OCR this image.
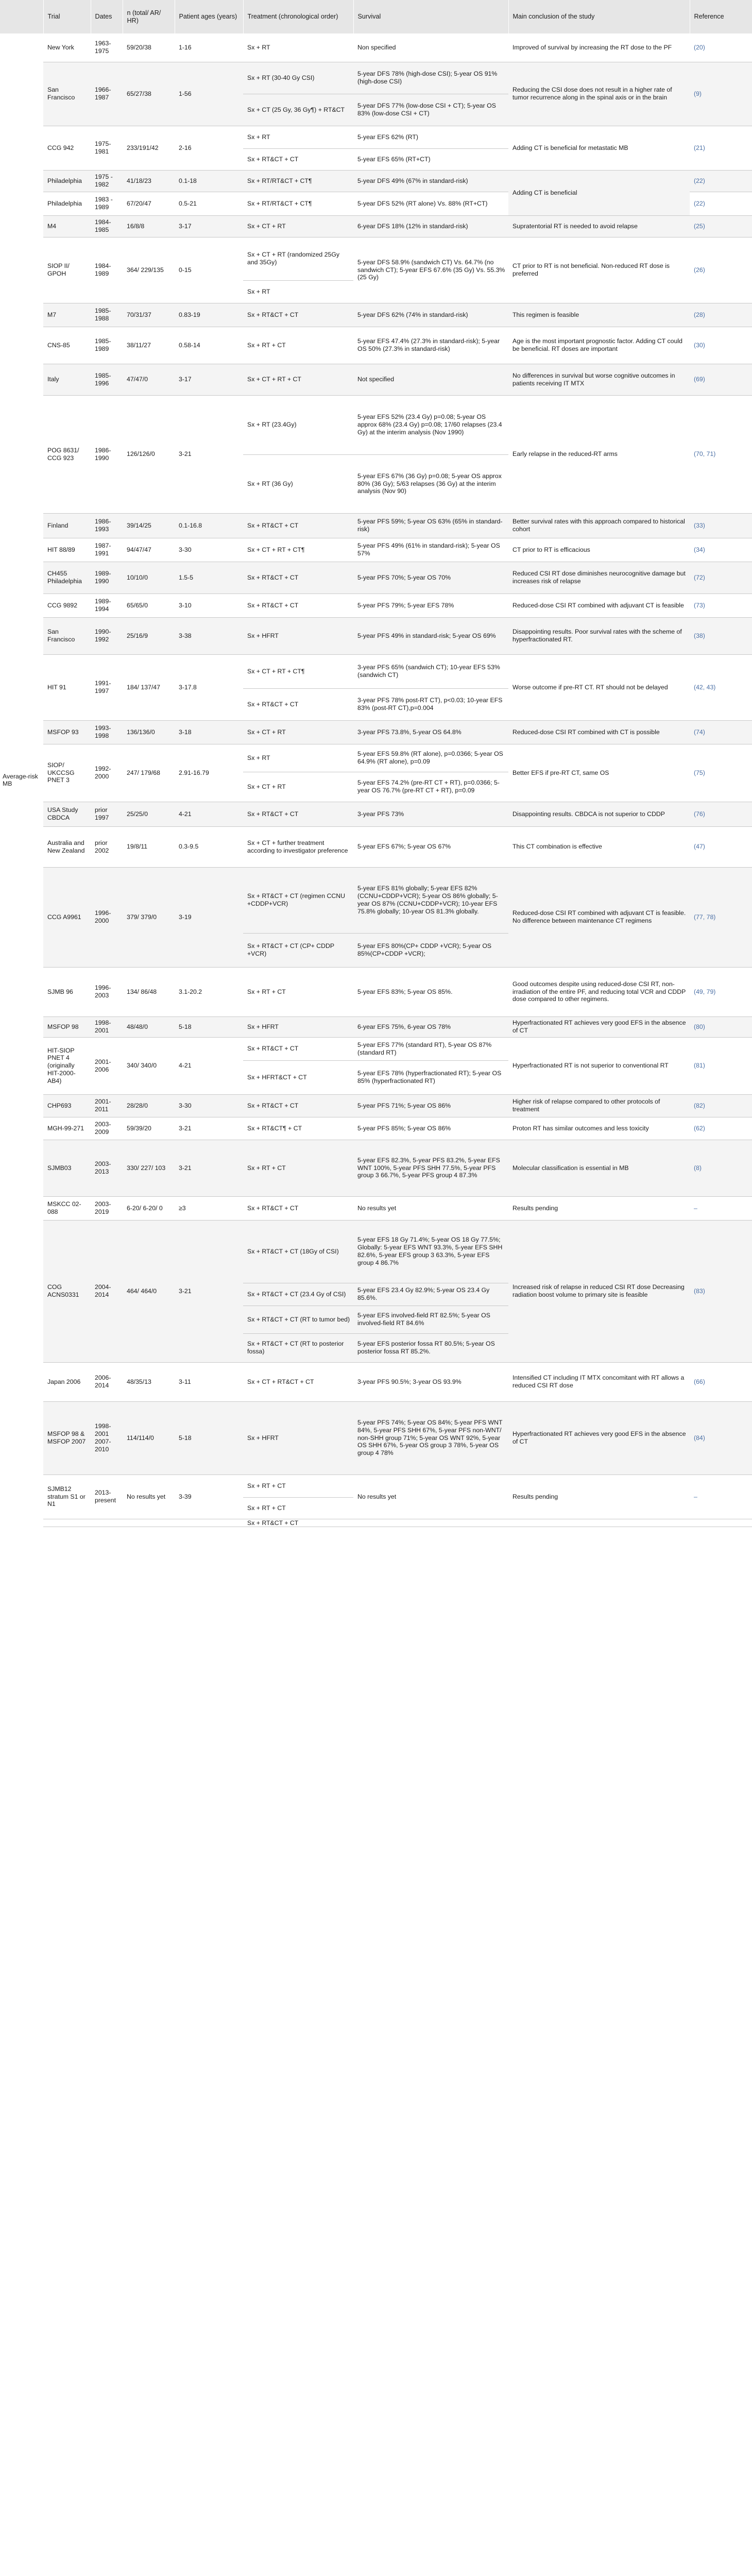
	Trial	Dates	n (total/ AR/ HR)	Patient ages (years)	Treatment (chronological order)	Survival	Main conclusion of the study	Reference
Average-risk MB	New York	1963-1975	59/20/38	1-16	Sx + RT	Non specified	Improved of survival by increasing the RT dose to the PF	(20)
	San Francisco	1966-1987	65/27/38	1-56	Sx + RT (30-40 Gy CSI)	5-year DFS 78% (high-dose CSI); 5-year OS 91% (high-dose CSI)	Reducing the CSI dose does not result in a higher rate of tumor recurrence along in the spinal axis or in the brain	(9)
					Sx + CT (25 Gy, 36 Gy¶) + RT&CT	5-year DFS 77% (low-dose CSI + CT); 5-year OS 83% (low-dose CSI + CT)		
	CCG 942	1975-1981	233/191/42	2-16	Sx + RT	5-year EFS 62% (RT)	Adding CT is beneficial for metastatic MB	(21)
					Sx + RT&CT + CT	5-year EFS 65% (RT+CT)		
	Philadelphia	1975 - 1982	41/18/23	0.1-18	Sx + RT/RT&CT + CT¶	5-year DFS 49% (67% in standard-risk)	Adding CT is beneficial	(22)
	Philadelphia	1983 - 1989	67/20/47	0.5-21	Sx + RT/RT&CT + CT¶	5-year DFS 52% (RT alone) Vs. 88% (RT+CT)		(22)
	M4	1984-1985	16/8/8	3-17	Sx + CT + RT	6-year DFS 18% (12% in standard-risk)	Supratentorial RT is needed to avoid relapse	(25)
	SIOP II/ GPOH	1984-1989	364/ 229/135	0-15	Sx + CT + RT (randomized 25Gy and 35Gy)	5-year DFS 58.9% (sandwich CT) Vs. 64.7% (no sandwich CT); 5-year EFS 67.6% (35 Gy) Vs. 55.3% (25 Gy)	CT prior to RT is not beneficial. Non-reduced RT dose is preferred	(26)
					Sx + RT			
	M7	1985-1988	70/31/37	0.83-19	Sx + RT&CT + CT	5-year DFS 62% (74% in standard-risk)	This regimen is feasible	(28)
	CNS-85	1985-1989	38/11/27	0.58-14	Sx + RT + CT	5-year EFS 47.4% (27.3% in standard-risk); 5-year OS 50% (27.3% in standard-risk)	Age is the most important prognostic factor. Adding CT could be beneficial. RT doses are important	(30)
	Italy	1985-1996	47/47/0	3-17	Sx + CT + RT + CT	Not specified	No differences in survival but worse cognitive outcomes in patients receiving IT MTX	(69)
	POG 8631/ CCG 923	1986-1990	126/126/0	3-21	Sx + RT (23.4Gy)	5-year EFS 52% (23.4 Gy) p=0.08; 5-year OS approx 68% (23.4 Gy) p=0.08; 17/60 relapses (23.4 Gy) at the interim analysis (Nov 1990)	Early relapse in the reduced-RT arms	(70, 71)
					Sx + RT (36 Gy)	5-year EFS 67% (36 Gy) p=0.08; 5-year OS approx 80% (36 Gy); 5/63 relapses (36 Gy) at the interim analysis (Nov 90)		
	Finland	1986-1993	39/14/25	0.1-16.8	Sx + RT&CT + CT	5-year PFS 59%; 5-year OS 63% (65% in standard-risk)	Better survival rates with this approach compared to historical cohort	(33)
	HIT 88/89	1987-1991	94/47/47	3-30	Sx + CT + RT + CT¶	5-year PFS 49% (61% in standard-risk); 5-year OS 57%	CT prior to RT is efficacious	(34)
	CH455 Philadelphia	1989-1990	10/10/0	1.5-5	Sx + RT&CT + CT	5-year PFS 70%; 5-year OS 70%	Reduced CSI RT dose diminishes neurocognitive damage but increases risk of relapse	(72)
	CCG 9892	1989-1994	65/65/0	3-10	Sx + RT&CT + CT	5-year PFS 79%; 5-year EFS 78%	Reduced-dose CSI RT combined with adjuvant CT is feasible	(73)
	San Francisco	1990-1992	25/16/9	3-38	Sx + HFRT	5-year PFS 49% in standard-risk; 5-year OS 69%	Disappointing results. Poor survival rates with the scheme of hyperfractionated RT.	(38)
	HIT 91	1991-1997	184/ 137/47	3-17.8	Sx + CT + RT + CT¶	3-year PFS 65% (sandwich CT); 10-year EFS 53% (sandwich CT)	Worse outcome if pre-RT CT. RT should not be delayed	(42, 43)
					Sx + RT&CT + CT	3-year PFS 78% post-RT CT), p<0.03; 10-year EFS 83% (post-RT CT),p=0.004		
	MSFOP 93	1993-1998	136/136/0	3-18	Sx + CT + RT	3-year PFS 73.8%, 5-year OS 64.8%	Reduced-dose CSI RT combined with CT is possible	(74)
	SIOP/ UKCCSG PNET 3	1992-2000	247/ 179/68	2.91-16.79	Sx + RT	5-year EFS 59.8% (RT alone), p=0.0366; 5-year OS 64.9% (RT alone), p=0.09	Better EFS if pre-RT CT, same OS	(75)
					Sx + CT + RT	5-year EFS 74.2% (pre-RT CT + RT), p=0.0366; 5-year OS 76.7% (pre-RT CT + RT), p=0.09		
	USA Study CBDCA	prior 1997	25/25/0	4-21	Sx + RT&CT + CT	3-year PFS 73%	Disappointing results. CBDCA is not superior to CDDP	(76)
	Australia and New Zealand	prior 2002	19/8/11	0.3-9.5	Sx + CT + further treatment according to investigator preference	5-year EFS 67%; 5-year OS 67%	This CT combination is effective	(47)
	CCG A9961	1996-2000	379/ 379/0	3-19	Sx + RT&CT + CT (regimen CCNU +CDDP+VCR)	5-year EFS 81% globally; 5-year EFS 82% (CCNU+CDDP+VCR); 5-year OS 86% globally; 5-year OS 87% (CCNU+CDDP+VCR); 10-year EFS 75.8% globally; 10-year OS 81.3% globally.	Reduced-dose CSI RT combined with adjuvant CT is feasible. No difference between maintenance CT regimens	(77, 78)
					Sx + RT&CT + CT (CP+ CDDP +VCR)	5-year EFS 80%(CP+ CDDP +VCR); 5-year OS 85%(CP+CDDP +VCR);		
	SJMB 96	1996-2003	134/ 86/48	3.1-20.2	Sx + RT + CT	5-year EFS 83%; 5-year OS 85%.	Good outcomes despite using reduced-dose CSI RT, non-irradiation of the entire PF, and reducing total VCR and CDDP dose compared to other regimens.	(49, 79)
	MSFOP 98	1998-2001	48/48/0	5-18	Sx + HFRT	6-year EFS 75%, 6-year OS 78%	Hyperfractionated RT achieves very good EFS in the absence of CT	(80)
	HIT-SIOP PNET 4 (originally HIT-2000-AB4)	2001-2006	340/ 340/0	4-21	Sx + RT&CT + CT	5-year EFS 77% (standard RT), 5-year OS 87% (standard RT)	Hyperfractionated RT is not superior to conventional RT	(81)
					Sx + HFRT&CT + CT	5-year EFS 78% (hyperfractionated RT); 5-year OS 85% (hyperfractionated RT)		
	CHP693	2001-2011	28/28/0	3-30	Sx + RT&CT + CT	5-year PFS 71%; 5-year OS 86%	Higher risk of relapse compared to other protocols of treatment	(82)
	MGH-99-271	2003-2009	59/39/20	3-21	Sx + RT&CT¶ + CT	5-year PFS 85%; 5-year OS 86%	Proton RT has similar outcomes and less toxicity	(62)
	SJMB03	2003-2013	330/ 227/ 103	3-21	Sx + RT + CT	5-year EFS 82.3%, 5-year PFS 83.2%, 5-year EFS WNT 100%, 5-year PFS SHH 77.5%, 5-year PFS group 3 66.7%, 5-year PFS group 4 87.3%	Molecular classification is essential in MB	(8)
	MSKCC 02-088	2003-2019	6-20/ 6-20/ 0	≥3	Sx + RT&CT + CT	No results yet	Results pending	–
	COG ACNS0331	2004-2014	464/ 464/0	3-21	Sx + RT&CT + CT (18Gy of CSI)	5-year EFS 18 Gy 71.4%; 5-year OS 18 Gy 77.5%; Globally: 5-year EFS WNT 93.3%, 5-year EFS SHH 82.6%, 5-year EFS group 3 63.3%, 5-year EFS group 4 86.7%	Increased risk of relapse in reduced CSI RT dose Decreasing radiation boost volume to primary site is feasible	(83)
					Sx + RT&CT + CT (23.4 Gy of CSI)	5-year EFS 23.4 Gy 82.9%; 5-year OS 23.4 Gy 85.6%.		
					Sx + RT&CT + CT (RT to tumor bed)	5-year EFS involved-field RT 82.5%; 5-year OS involved-field RT 84.6%		
					Sx + RT&CT + CT (RT to posterior fossa)	5-year EFS posterior fossa RT 80.5%; 5-year OS posterior fossa RT 85.2%.		
	Japan 2006	2006-2014	48/35/13	3-11	Sx + CT + RT&CT + CT	3-year PFS 90.5%; 3-year OS 93.9%	Intensified CT including IT MTX concomitant with RT allows a reduced CSI RT dose	(66)
	MSFOP 98 & MSFOP 2007	1998-2001 2007-2010	114/114/0	5-18	Sx + HFRT	5-year PFS 74%; 5-year OS 84%; 5-year PFS WNT 84%, 5-year PFS SHH 67%, 5-year PFS non-WNT/ non-SHH group 71%; 5-year OS WNT 92%, 5-year OS SHH 67%, 5-year OS group 3 78%, 5-year OS group 4 78%	Hyperfractionated RT achieves very good EFS in the absence of CT	(84)
	SJMB12 stratum S1 or N1	2013-present	No results yet	3-39	Sx + RT + CT	No results yet	Results pending	–
					Sx + RT + CT			
					Sx + RT&CT + CT			
